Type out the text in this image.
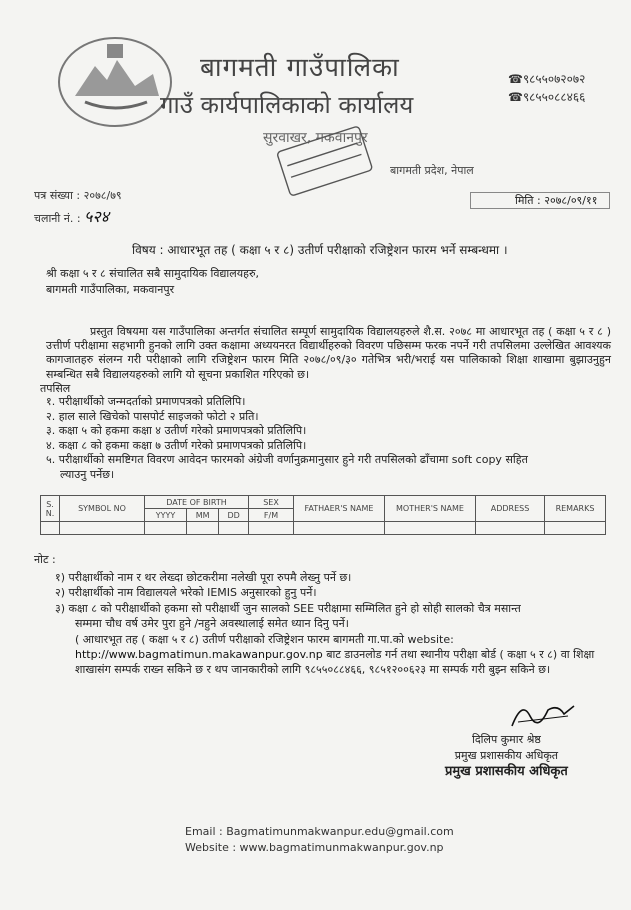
बागमती गाउँपालिका
गाउँ कार्यपालिकाको कार्यालय
सुरवाखर, मकवानपुर
☎९८५५०७२०७२
☎९८५५०८८४६६
बागमती प्रदेश, नेपाल
पत्र संख्या : २०७८/७९
चलानी नं. : ५२४
मिति : २०७८/०९/११
विषय : आधारभूत तह ( कक्षा ५ र ८) उतीर्ण परीक्षाको रजिष्ट्रेशन फारम भर्ने सम्बन्धमा ।
श्री कक्षा ५ र ८ संचालित सबै सामुदायिक विद्यालयहरु,
बागमती गाउँपालिका, मकवानपुर

प्रस्तुत विषयमा यस गाउँपालिका अन्तर्गत संचालित सम्पूर्ण सामुदायिक विद्यालयहरुले शै.स. २०७८ मा आधारभूत तह ( कक्षा ५ र ८ ) उत्तीर्ण परीक्षामा सहभागी हुनको लागि उक्त कक्षामा अध्ययनरत विद्यार्थीहरुको विवरण पछिसम्म फरक नपर्ने गरी तपसिलमा उल्लेखित आवश्यक कागजातहरु संलग्न गरी परीक्षाको लागि रजिष्ट्रेशन फारम मिति २०७८/०९/३० गतेभित्र भरी/भराई यस पालिकाको शिक्षा शाखामा बुझाउनुहुन सम्बन्धित सबै विद्यालयहरुको लागि यो सूचना प्रकाशित गरिएको छ।

तपसिल
१. परीक्षार्थीको जन्मदर्ताको प्रमाणपत्रको प्रतिलिपि।
२. हाल साले खिचेको पासपोर्ट साइजको फोटो २ प्रति।
३. कक्षा ५ को हकमा कक्षा ४ उतीर्ण गरेको प्रमाणपत्रको प्रतिलिपि।
४. कक्षा ८ को हकमा कक्षा ७ उतीर्ण गरेको प्रमाणपत्रको प्रतिलिपि।
५. परीक्षार्थीको समष्टिगत विवरण आवेदन फारमको अंग्रेजी वर्णानुक्रमानुसार हुने गरी तपसिलको ढाँचामा soft copy सहित
ल्याउनु पर्नेछ।
S.
N.	SYMBOL NO	DATE OF BIRTH			SEX	FATHAER'S NAME	MOTHER'S NAME	ADDRESS	REMARKS
		YYYY	MM	DD	F/M				

नोट :
१) परीक्षार्थीको नाम र थर लेख्दा छोटकरीमा नलेखी पूरा रुपमै लेख्नु पर्ने छ।
२) परीक्षार्थीको नाम विद्यालयले भरेको IEMIS अनुसारको हुनु पर्ने।
३) कक्षा ८ को परीक्षार्थीको हकमा सो परीक्षार्थी जुन सालको SEE परीक्षामा सम्मिलित हुने हो सोही सालको चैत्र मसान्त
सम्ममा चौध वर्ष उमेर पुरा हुने /नहुने अवस्थालाई समेत ध्यान दिनु पर्ने।

( आधारभूत तह ( कक्षा ५ र ८) उतीर्ण परीक्षाको रजिष्ट्रेशन फारम बागमती गा.पा.को website:
http://www.bagmatimun.makawanpur.gov.np बाट डाउनलोड गर्न तथा स्थानीय परीक्षा बोर्ड ( कक्षा ५ र ८) वा शिक्षा शाखासंग सम्पर्क राख्न सकिने छ र थप जानकारीको लागि ९८५५०८८४६६, ९८५१२००६२३ मा सम्पर्क गरी बुझ्न सकिने छ।

दिलिप कुमार श्रेष्ठ
प्रमुख प्रशासकीय अधिकृत
प्रमुख प्रशासकीय अधिकृत
Email : Bagmatimunmakwanpur.edu@gmail.com
Website : www.bagmatimunmakwanpur.gov.np
